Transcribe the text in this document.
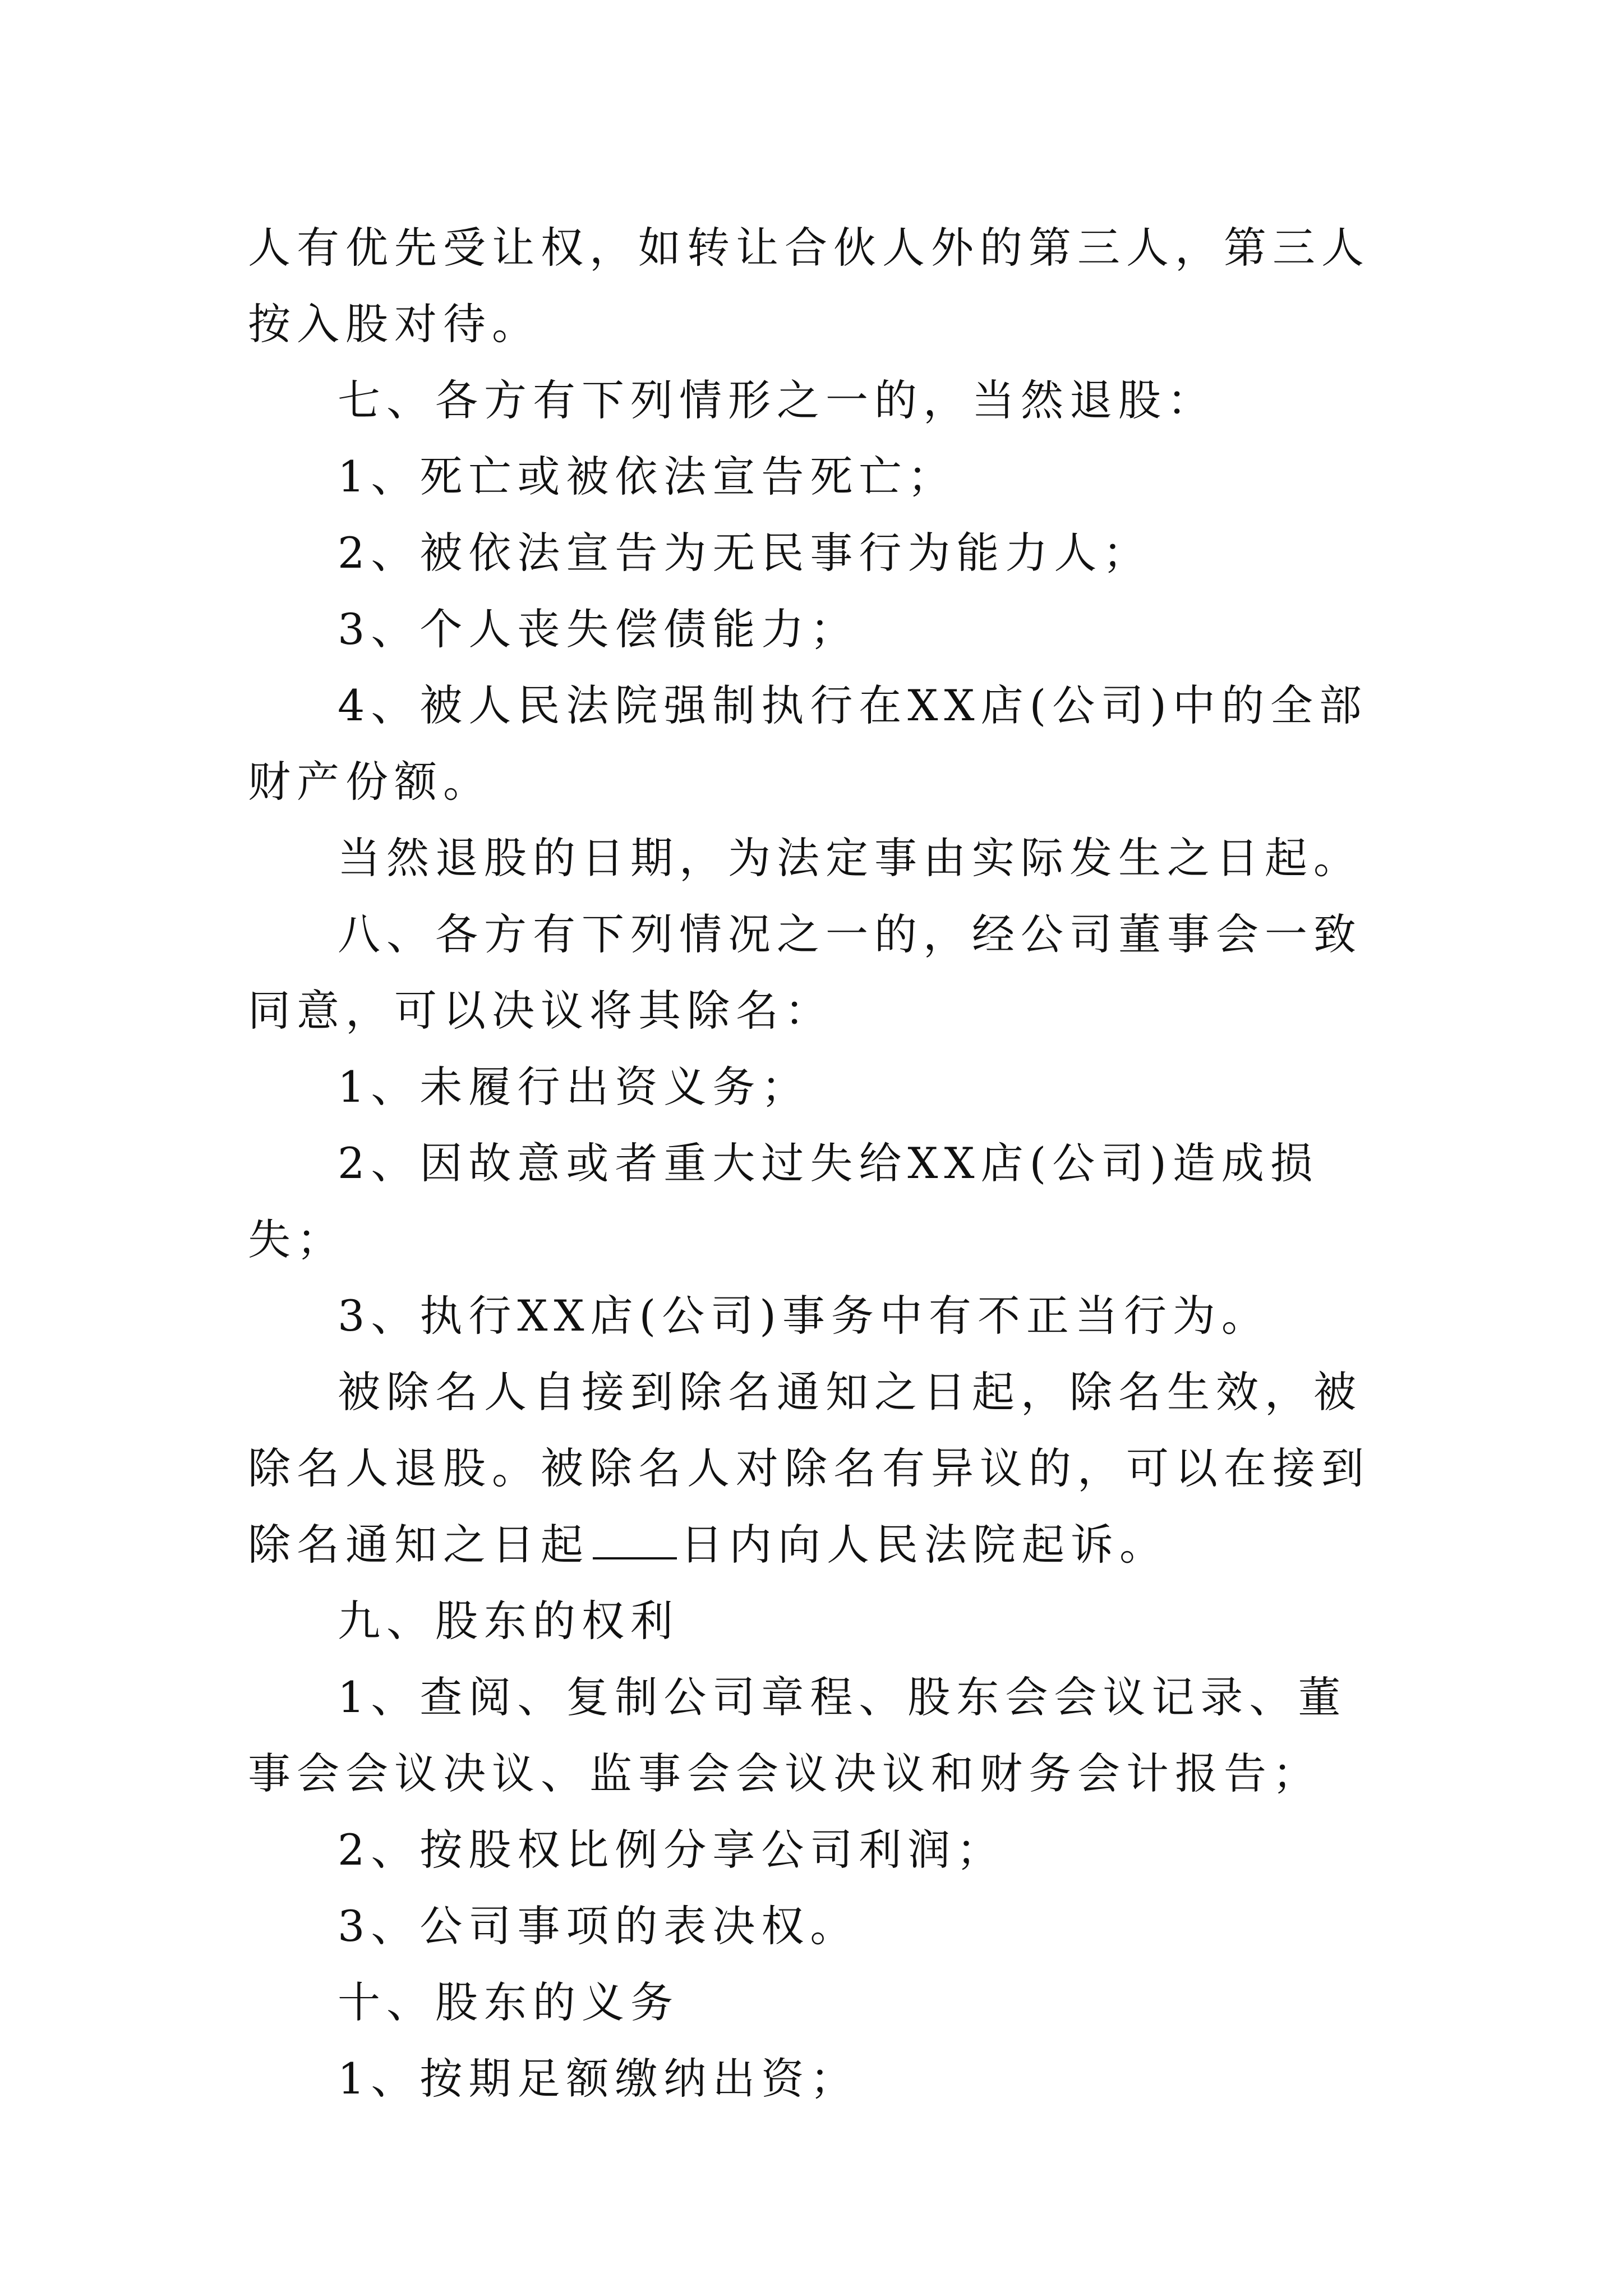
人有优先受让权，如转让合伙人外的第三人，第三人按入股对待。

七、各方有下列情形之一的，当然退股：

1、死亡或被依法宣告死亡；

2、被依法宣告为无民事行为能力人；

3、个人丧失偿债能力；

4、被人民法院强制执行在XX店(公司)中的全部财产份额。

当然退股的日期，为法定事由实际发生之日起。

八、各方有下列情况之一的，经公司董事会一致同意，可以决议将其除名：

1、未履行出资义务；

2、因故意或者重大过失给XX店(公司)造成损失；

3、执行XX店(公司)事务中有不正当行为。

被除名人自接到除名通知之日起，除名生效，被除名人退股。被除名人对除名有异议的，可以在接到除名通知之日起 日内向人民法院起诉。

九、股东的权利

1、查阅、复制公司章程、股东会会议记录、董事会会议决议、监事会会议决议和财务会计报告；

2、按股权比例分享公司利润；

3、公司事项的表决权。

十、股东的义务

1、按期足额缴纳出资；
